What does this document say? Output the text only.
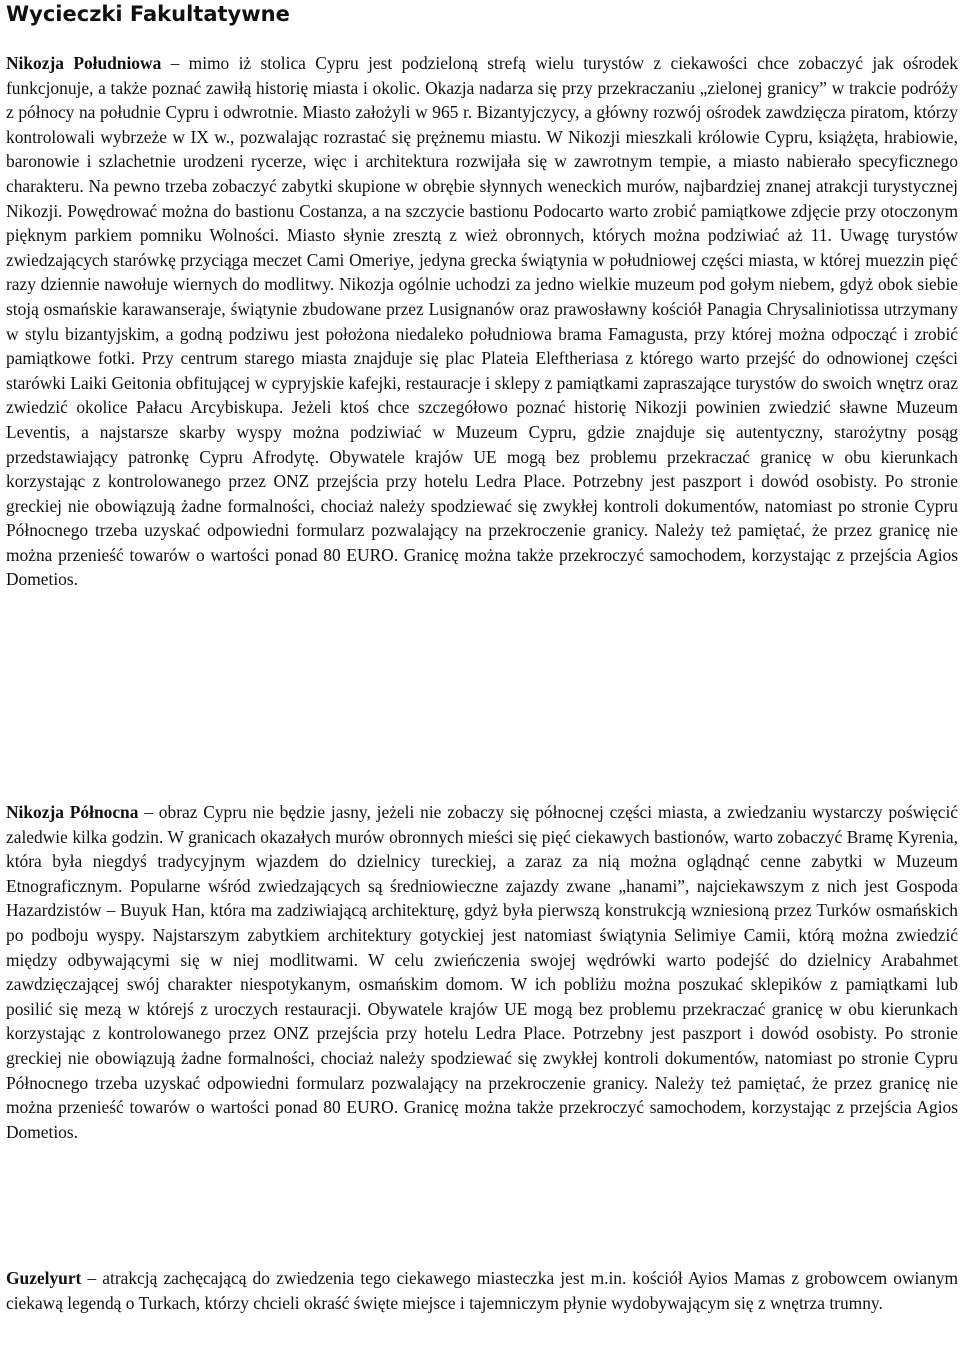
Wycieczki Fakultatywne

Nikozja Południowa – mimo iż stolica Cypru jest podzieloną strefą wielu turystów z ciekawości chce zobaczyć jak ośrodek funkcjonuje, a także poznać zawiłą historię miasta i okolic. Okazja nadarza się przy przekraczaniu „zielonej granicy” w trakcie podróży z północy na południe Cypru i odwrotnie. Miasto założyli w 965 r. Bizantyjczycy, a główny rozwój ośrodek zawdzięcza piratom, którzy kontrolowali wybrzeże w IX w., pozwalając rozrastać się prężnemu miastu. W Nikozji mieszkali królowie Cypru, książęta, hrabiowie, baronowie i szlachetnie urodzeni rycerze, więc i architektura rozwijała się w zawrotnym tempie, a miasto nabierało specyficznego charakteru. Na pewno trzeba zobaczyć zabytki skupione w obrębie słynnych weneckich murów, najbardziej znanej atrakcji turystycznej Nikozji. Powędrować można do bastionu Costanza, a na szczycie bastionu Podocarto warto zrobić pamiątkowe zdjęcie przy otoczonym pięknym parkiem pomniku Wolności. Miasto słynie zresztą z wież obronnych, których można podziwiać aż 11. Uwagę turystów zwiedzających starówkę przyciąga meczet Cami Omeriye, jedyna grecka świątynia w południowej części miasta, w której muezzin pięć razy dziennie nawołuje wiernych do modlitwy. Nikozja ogólnie uchodzi za jedno wielkie muzeum pod gołym niebem, gdyż obok siebie stoją osmańskie karawanseraje, świątynie zbudowane przez Lusignanów oraz prawosławny kościół Panagia Chrysaliniotissa utrzymany w stylu bizantyjskim, a godną podziwu jest położona niedaleko południowa brama Famagusta, przy której można odpocząć i zrobić pamiątkowe fotki. Przy centrum starego miasta znajduje się plac Plateia Eleftheriasa z którego warto przejść do odnowionej części starówki Laiki Geitonia obfitującej w cypryjskie kafejki, restauracje i sklepy z pamiątkami zapraszające turystów do swoich wnętrz oraz zwiedzić okolice Pałacu Arcybiskupa. Jeżeli ktoś chce szczegółowo poznać historię Nikozji powinien zwiedzić sławne Muzeum Leventis, a najstarsze skarby wyspy można podziwiać w Muzeum Cypru, gdzie znajduje się autentyczny, starożytny posąg przedstawiający patronkę Cypru Afrodytę. Obywatele krajów UE mogą bez problemu przekraczać granicę w obu kierunkach korzystając z kontrolowanego przez ONZ przejścia przy hotelu Ledra Place. Potrzebny jest paszport i dowód osobisty. Po stronie greckiej nie obowiązują żadne formalności, chociaż należy spodziewać się zwykłej kontroli dokumentów, natomiast po stronie Cypru Północnego trzeba uzyskać odpowiedni formularz pozwalający na przekroczenie granicy. Należy też pamiętać, że przez granicę nie można przenieść towarów o wartości ponad 80 EURO. Granicę można także przekroczyć samochodem, korzystając z przejścia Agios Dometios.

Nikozja Północna – obraz Cypru nie będzie jasny, jeżeli nie zobaczy się północnej części miasta, a zwiedzaniu wystarczy poświęcić zaledwie kilka godzin. W granicach okazałych murów obronnych mieści się pięć ciekawych bastionów, warto zobaczyć Bramę Kyrenia, która była niegdyś tradycyjnym wjazdem do dzielnicy tureckiej, a zaraz za nią można oglądnąć cenne zabytki w Muzeum Etnograficznym. Popularne wśród zwiedzających są średniowieczne zajazdy zwane „hanami”, najciekawszym z nich jest Gospoda Hazardzistów – Buyuk Han, która ma zadziwiającą architekturę, gdyż była pierwszą konstrukcją wzniesioną przez Turków osmańskich po podboju wyspy. Najstarszym zabytkiem architektury gotyckiej jest natomiast świątynia Selimiye Camii, którą można zwiedzić między odbywającymi się w niej modlitwami. W celu zwieńczenia swojej wędrówki warto podejść do dzielnicy Arabahmet zawdzięczającej swój charakter niespotykanym, osmańskim domom. W ich pobliżu można poszukać sklepików z pamiątkami lub posilić się mezą w którejś z uroczych restauracji. Obywatele krajów UE mogą bez problemu przekraczać granicę w obu kierunkach korzystając z kontrolowanego przez ONZ przejścia przy hotelu Ledra Place. Potrzebny jest paszport i dowód osobisty. Po stronie greckiej nie obowiązują żadne formalności, chociaż należy spodziewać się zwykłej kontroli dokumentów, natomiast po stronie Cypru Północnego trzeba uzyskać odpowiedni formularz pozwalający na przekroczenie granicy. Należy też pamiętać, że przez granicę nie można przenieść towarów o wartości ponad 80 EURO. Granicę można także przekroczyć samochodem, korzystając z przejścia Agios Dometios.

Guzelyurt – atrakcją zachęcającą do zwiedzenia tego ciekawego miasteczka jest m.in. kościół Ayios Mamas z grobowcem owianym ciekawą legendą o Turkach, którzy chcieli okraść święte miejsce i tajemniczym płynie wydobywającym się z wnętrza trumny.
